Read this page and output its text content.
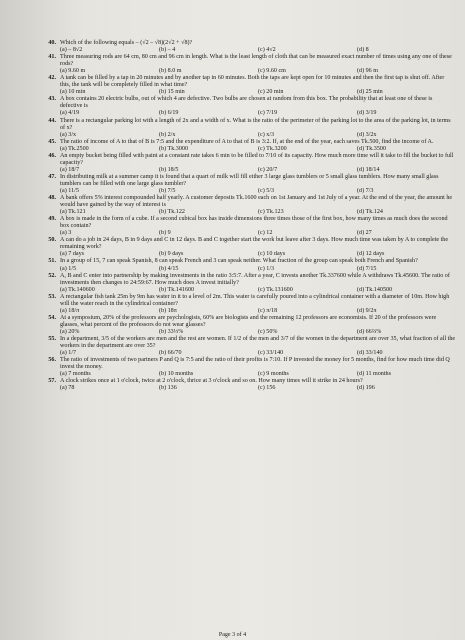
40. Which of the following equals – (√2 – √8)(2√2 + √8)?
(a) – 8√2	(b) – 4	(c) 4√2	(d) 8
41. Three measuring rods are 64 cm, 80 cm and 96 cm in length. What is the least length of cloth that can be measured exact number of times using any one of these rods?
(a) 9.60 m	(b) 8.0 m	(c) 9.60 cm	(d) 96 m
42. A tank can be filled by a tap in 20 minutes and by another tap in 60 minutes. Both the taps are kept open for 10 minutes and then the first tap is shut off. After this, the tank will be completely filled in what time?
(a) 10 min	(b) 15 min	(c) 20 min	(d) 25 min
43. A box contains 20 electric bulbs, out of which 4 are defective. Two bulbs are chosen at random from this box. The probability that at least one of these is defective is
(a) 4/19	(b) 6/19	(c) 7/19	(d) 3/19
44. There is a rectangular parking lot with a length of 2x and a width of x. What is the ratio of the perimeter of the parking lot to the area of the parking lot, in terms of x?
(a) 3/x	(b) 2/x	(c) x/3	(d) 3/2x
45. The ratio of income of A to that of B is 7:5 and the expenditure of A to that of B is 3:2. If, at the end of the year, each saves Tk.500, find the income of A.
(a) Tk.2500	(b) Tk.3000	(c) Tk.3200	(d) Tk.3500
46. An empty bucket being filled with paint at a constant rate takes 6 min to be filled to 7/10 of its capacity. How much more time will it take to fill the bucket to full capacity?
(a) 18/7	(b) 18/5	(c) 20/7	(d) 18/14
47. In distributing milk at a summer camp it is found that a quart of milk will fill either 3 large glass tumblers or 5 small glass tumblers. How many small glass tumblers can be filled with one large glass tumbler?
(a) 11/5	(b) 7/5	(c) 5/3	(d) 7/3
48. A bank offers 5% interest compounded half yearly. A customer deposits Tk.1600 each on 1st January and 1st July of a year. At the end of the year, the amount he would have gained by the way of interest is
(a) Tk.121	(b) Tk.122	(c) Tk.123	(d) Tk.124
49. A box is made in the form of a cube. If a second cubical box has inside dimensions three times those of the first box, how many times as much does the second box contain?
(a) 3	(b) 9	(c) 12	(d) 27
50. A can do a job in 24 days, B in 9 days and C in 12 days. B and C together start the work but leave after 3 days. How much time was taken by A to complete the remaining work?
(a) 7 days	(b) 9 days	(c) 10 days	(d) 12 days
51. In a group of 15, 7 can speak Spanish, 8 can speak French and 3 can speak neither. What fraction of the group can speak both French and Spanish?
(a) 1/5	(b) 4/15	(c) 1/3	(d) 7/15
52. A, B and C enter into partnership by making investments in the ratio 3:5:7. After a year, C invests another Tk.337600 while A withdraws Tk.45600. The ratio of investments then changes to 24:59:67. How much does A invest initially?
(a) Tk.140600	(b) Tk.141600	(c) Tk.131600	(d) Tk.140500
53. A rectangular fish tank 25m by 9m has water in it to a level of 2m. This water is carefully poured into a cylindrical container with a diameter of 10m. How high will the water reach in the cylindrical container?
(a) 18/π	(b) 18π	(c) π/18	(d) 9/2π
54. At a symposium, 20% of the professors are psychologists, 60% are biologists and the remaining 12 professors are economists. If 20 of the professors were glasses, what percent of the professors do not wear glasses?
(a) 20%	(b) 33⅓%	(c) 50%	(d) 66⅔%
55. In a department, 3/5 of the workers are men and the rest are women. If 1/2 of the men and 3/7 of the women in the department are over 35, what fraction of all the workers in the department are over 35?
(a) 1/7	(b) 66/70	(c) 33/140	(d) 33/140
56. The ratio of investments of two partners P and Q is 7:5 and the ratio of their profits is 7:10. If P invested the money for 5 months, find for how much time did Q invest the money.
(a) 7 months	(b) 10 months	(c) 9 months	(d) 11 months
57. A clock strikes once at 1 o'clock, twice at 2 o'clock, thrice at 3 o'clock and so on. How many times will it strike in 24 hours?
(a) 78	(b) 136	(c) 156	(d) 196
Page 3 of 4
